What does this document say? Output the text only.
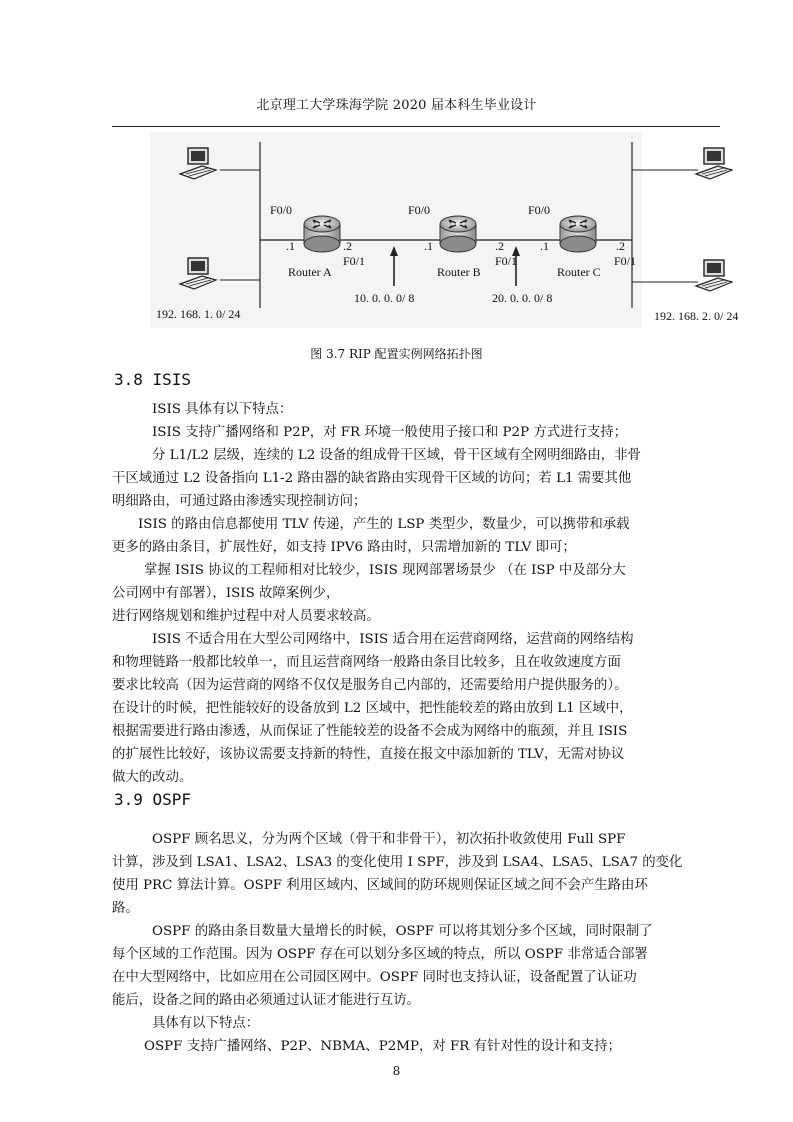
北京理工大学珠海学院 2020 届本科生毕业设计
F0/0
F0/1
F0/0
F0/1
F0/0
F0/1
.1	.2	.1	.2	.1	.2
Router A	Router B	Router C
10. 0. 0. 0/ 8	20. 0. 0. 0/ 8
192. 168. 1. 0/ 24	192. 168. 2. 0/ 24
图 3.7 RIP 配置实例网络拓扑图
3.8 ISIS

ISIS 具体有以下特点：

ISIS 支持广播网络和 P2P，对 FR 环境一般使用子接口和 P2P 方式进行支持；

分 L1/L2 层级，连续的 L2 设备的组成骨干区域，骨干区域有全网明细路由，非骨
干区域通过 L2 设备指向 L1-2 路由器的缺省路由实现骨干区域的访问；若 L1 需要其他
明细路由，可通过路由渗透实现控制访问；

ISIS 的路由信息都使用 TLV 传递，产生的 LSP 类型少，数量少，可以携带和承载
更多的路由条目，扩展性好，如支持 IPV6 路由时，只需增加新的 TLV 即可；

掌握 ISIS 协议的工程师相对比较少，ISIS 现网部署场景少 （在 ISP 中及部分大
公司网中有部署），ISIS 故障案例少，
进行网络规划和维护过程中对人员要求较高。

ISIS 不适合用在大型公司网络中，ISIS 适合用在运营商网络，运营商的网络结构
和物理链路一般都比较单一，而且运营商网络一般路由条目比较多，且在收敛速度方面
要求比较高（因为运营商的网络不仅仅是服务自己内部的，还需要给用户提供服务的）。
在设计的时候，把性能较好的设备放到 L2 区域中，把性能较差的路由放到 L1 区域中，
根据需要进行路由渗透，从而保证了性能较差的设备不会成为网络中的瓶颈，并且 ISIS
的扩展性比较好，该协议需要支持新的特性，直接在报文中添加新的 TLV，无需对协议
做大的改动。

3.9 OSPF

OSPF 顾名思义，分为两个区域（骨干和非骨干），初次拓扑收敛使用 Full SPF
计算，涉及到 LSA1、LSA2、LSA3 的变化使用 I SPF，涉及到 LSA4、LSA5、LSA7 的变化
使用 PRC 算法计算。OSPF 利用区域内、区域间的防环规则保证区域之间不会产生路由环
路。

OSPF 的路由条目数量大量增长的时候，OSPF 可以将其划分多个区域，同时限制了
每个区域的工作范围。因为 OSPF 存在可以划分多区域的特点，所以 OSPF 非常适合部署
在中大型网络中，比如应用在公司园区网中。OSPF 同时也支持认证，设备配置了认证功
能后，设备之间的路由必须通过认证才能进行互访。

具体有以下特点：

OSPF 支持广播网络、P2P、NBMA、P2MP，对 FR 有针对性的设计和支持；

8
